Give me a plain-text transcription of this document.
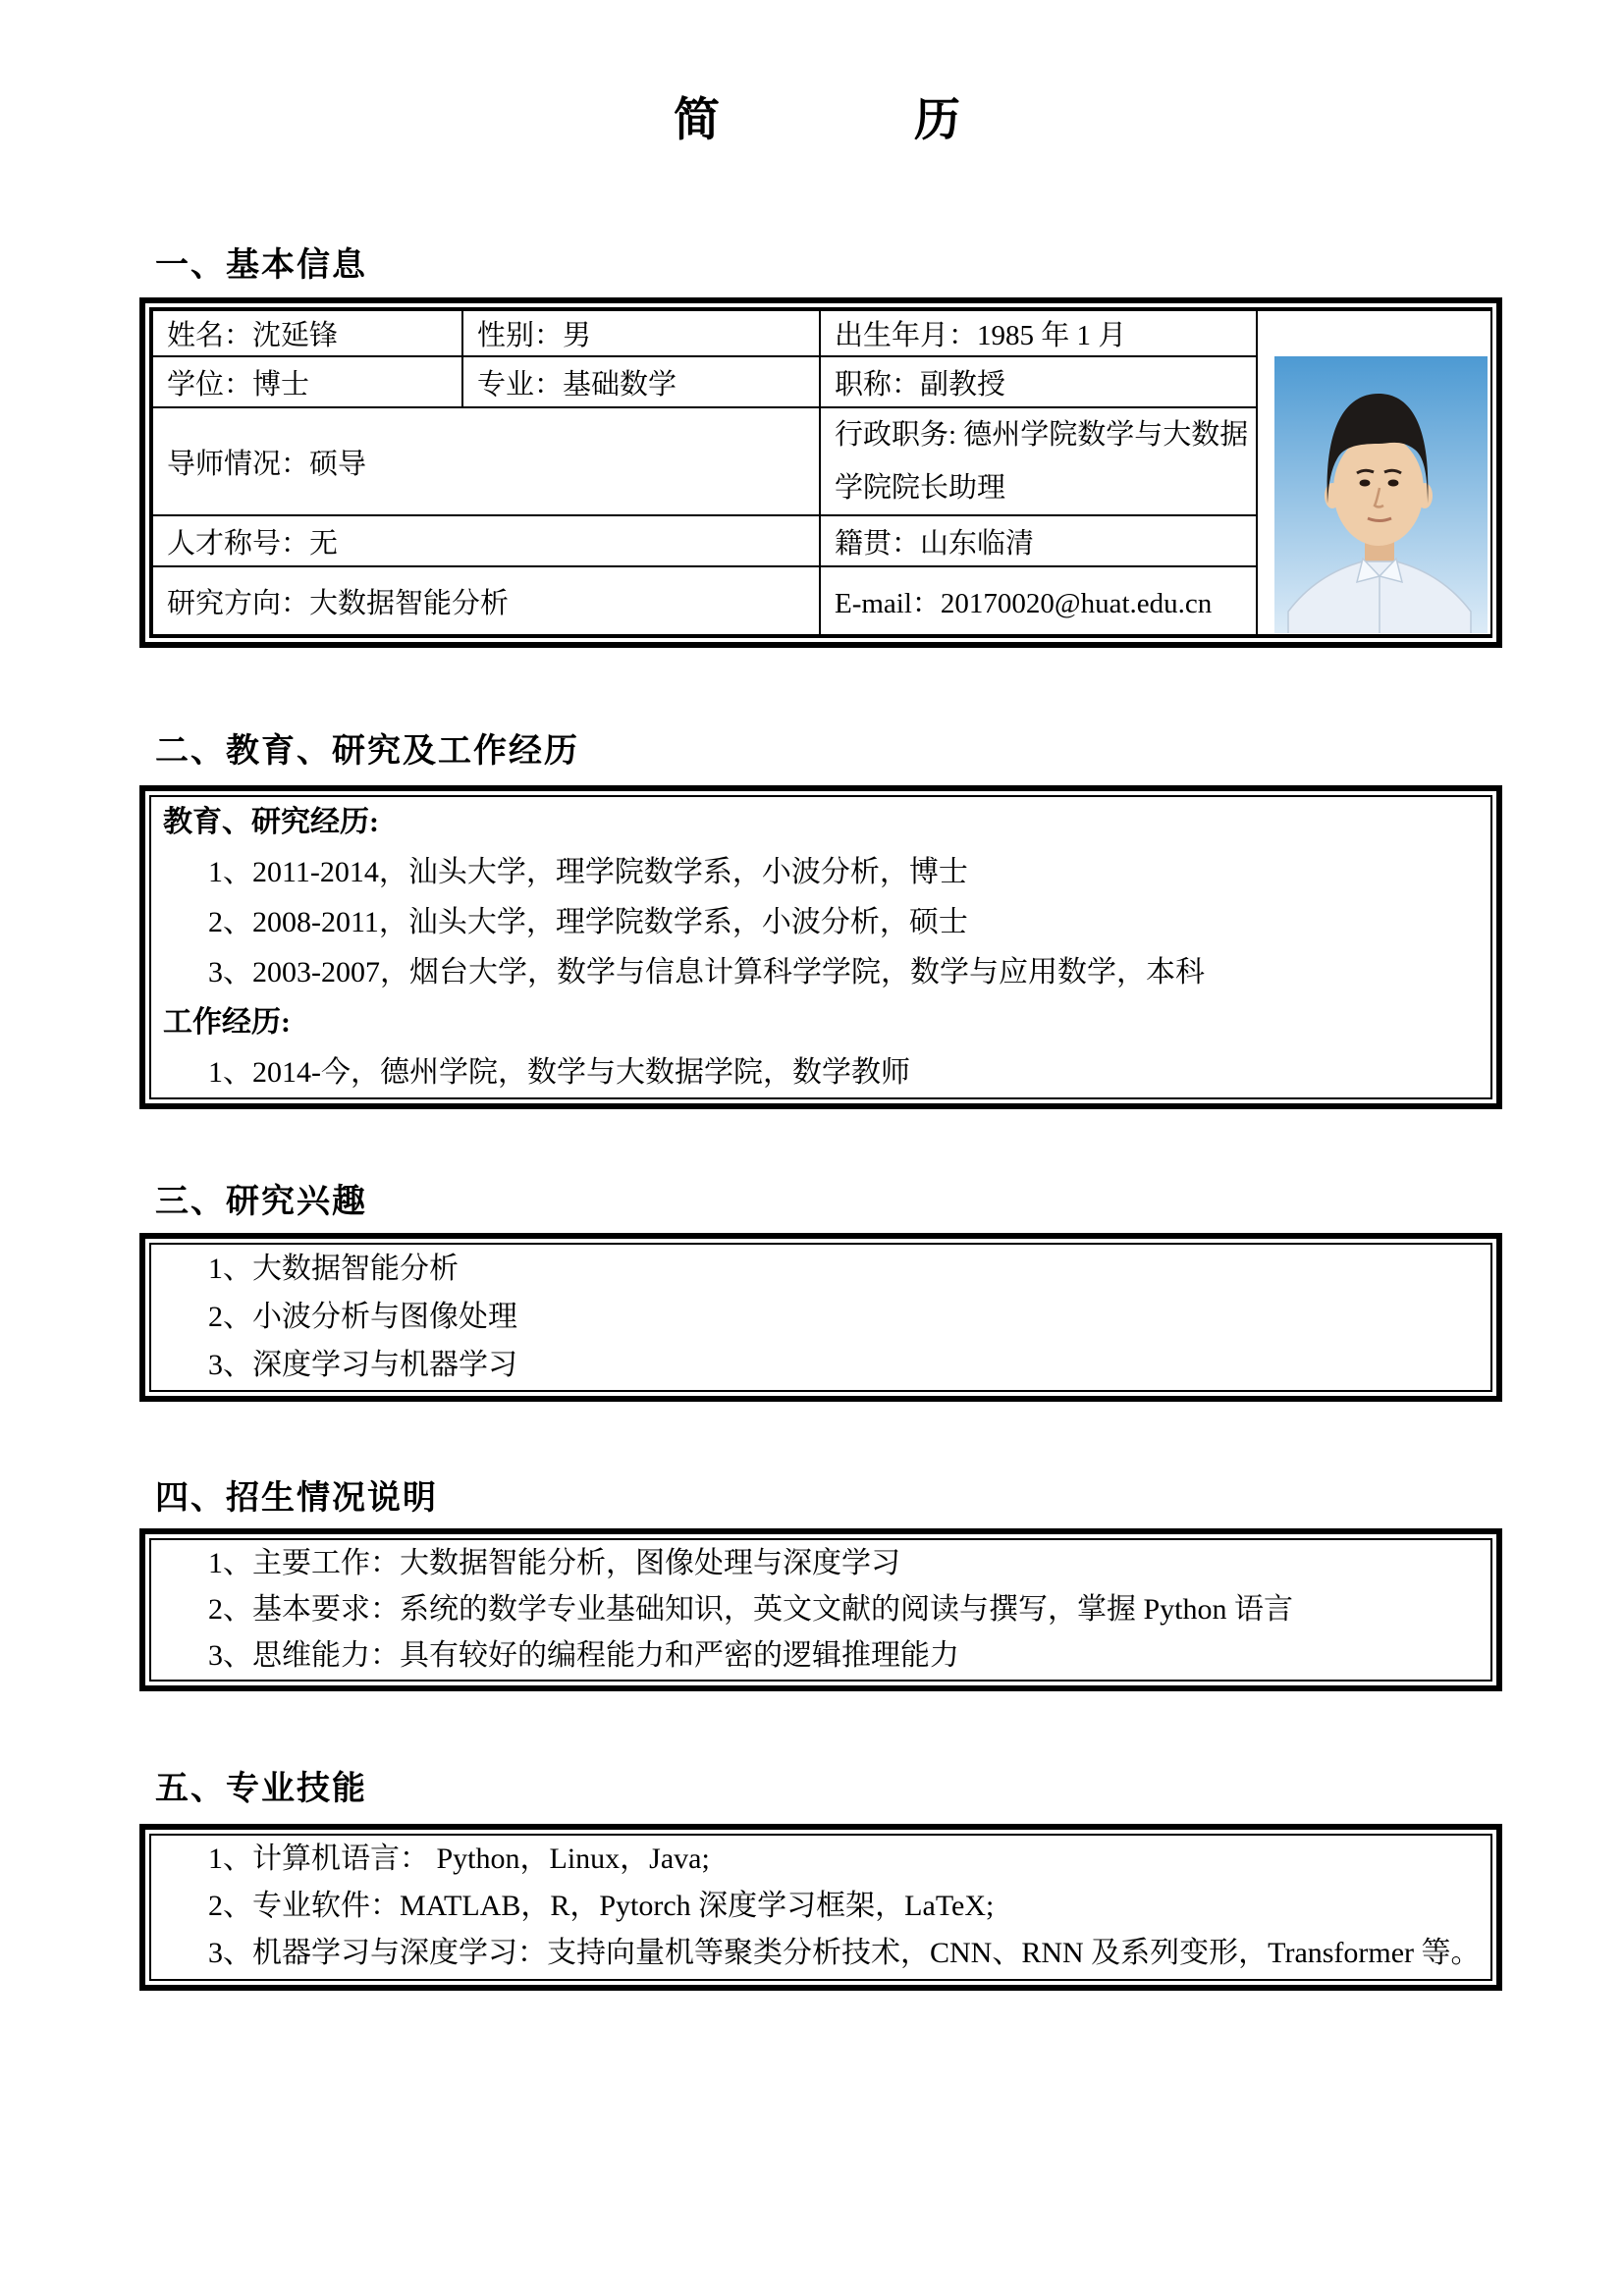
简	历
一、基本信息
姓名：沈延锋	性别：男	出生年月：1985 年 1 月	

学位：博士	专业：基础数学	职称：副教授	
导师情况：硕导		行政职务: 德州学院数学与大数据学院院长助理	
人才称号：无		籍贯：山东临清	
研究方向：大数据智能分析		E-mail：20170020@huat.edu.cn	
二、教育、研究及工作经历

教育、研究经历:

1、2011-2014，汕头大学，理学院数学系，小波分析，博士

2、2008-2011，汕头大学，理学院数学系，小波分析，硕士

3、2003-2007，烟台大学，数学与信息计算科学学院，数学与应用数学，本科

工作经历:

1、2014-今，德州学院，数学与大数据学院，数学教师

三、研究兴趣

1、大数据智能分析

2、小波分析与图像处理

3、深度学习与机器学习

四、招生情况说明

1、主要工作：大数据智能分析，图像处理与深度学习

2、基本要求：系统的数学专业基础知识，英文文献的阅读与撰写，掌握 Python 语言

3、思维能力：具有较好的编程能力和严密的逻辑推理能力

五、专业技能

1、计算机语言： Python，Linux，Java;

2、专业软件：MATLAB，R，Pytorch 深度学习框架，LaTeX;

3、机器学习与深度学习：支持向量机等聚类分析技术，CNN、RNN 及系列变形，Transformer 等。
